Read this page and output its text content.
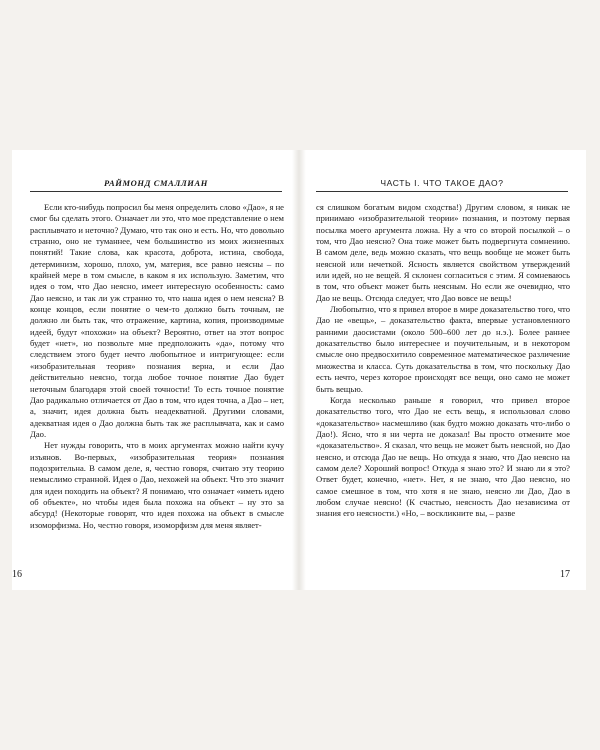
РАЙМОНД СМАЛЛИАН

Если кто-нибудь попросил бы меня определить слово «Дао», я не смог бы сделать этого. Означает ли это, что мое представление о нем расплывчато и неточно? Думаю, что так оно и есть. Но, что довольно странно, оно не туманнее, чем большинство из моих жизненных понятий! Такие слова, как красота, доброта, истина, свобода, детерминизм, хорошо, плохо, ум, материя, все равно неясны – по крайней мере в том смысле, в каком я их использую. Заметим, что идея о том, что Дао неясно, имеет интересную особенность: само Дао неясно, и так ли уж странно то, что наша идея о нем неясна? В конце концов, если понятие о чем-то должно быть точным, не должно ли быть так, что отражение, картина, копия, производимые идеей, будут «похожи» на объект? Вероятно, ответ на этот вопрос будет «нет», но позвольте мне предположить «да», потому что следствием этого будет нечто любопытное и интригующее: если «изобразительная теория» познания верна, и если Дао действительно неясно, тогда любое точное понятие Дао будет неточным благодаря этой своей точности! То есть точное понятие Дао радикально отличается от Дао в том, что идея точна, а Дао – нет, а, значит, идея должна быть неадекватной. Другими словами, адекватная идея о Дао должна быть так же расплывчата, как и само Дао.

Нет нужды говорить, что в моих аргументах можно найти кучу изъянов. Во-первых, «изобразительная теория» познания подозрительна. В самом деле, я, честно говоря, считаю эту теорию немыслимо странной. Идея о Дао, нехожей на объект. Что это значит для идеи походить на объект? Я понимаю, что означает «иметь идею об объекте», но чтобы идея была похожа на объект – ну это за абсурд! (Некоторые говорят, что идея похожа на объект в смысле изоморфизма. Но, честно говоря, изоморфизм для меня являет-

16
ЧАСТЬ I. ЧТО ТАКОЕ ДАО?

ся слишком богатым видом сходства!) Другим словом, я никак не принимаю «изобразительной теории» познания, и поэтому первая посылка моего аргумента ложна. Ну а что со второй посылкой – о том, что Дао неясно? Она тоже может быть подвергнута сомнению. В самом деле, ведь можно сказать, что вещь вообще не может быть неясной или нечеткой. Ясность является свойством утверждений или идей, но не вещей. Я склонен согласиться с этим. Я сомневаюсь в том, что объект может быть неясным. Но если же очевидно, что Дао не вещь. Отсюда следует, что Дао вовсе не вещь!

Любопытно, что я привел второе в мире доказательство того, что Дао не «вещь», – доказательство факта, впервые установленного ранними даосистами (около 500–600 лет до н.э.). Более раннее доказательство было интереснее и поучительным, и в некотором смысле оно предвосхитило современное математическое различение множества и класса. Суть доказательства в том, что поскольку Дао есть нечто, через которое происходят все вещи, оно само не может быть вещью.

Когда несколько раньше я говорил, что привел второе доказательство того, что Дао не есть вещь, я использовал слово «доказательство» насмешливо (как будто можно доказать что-либо о Дао!). Ясно, что я ни черта не доказал! Вы просто отмените мое «доказательство». Я сказал, что вещь не может быть неясной, но Дао неясно, и отсюда Дао не вещь. Но откуда я знаю, что Дао неясно на самом деле? Хороший вопрос! Откуда я знаю это? И знаю ли я это? Ответ будет, конечно, «нет». Нет, я не знаю, что Дао неясно, но самое смешное в том, что хотя я не знаю, неясно ли Дао, Дао в любом случае неясно! (К счастью, неясность Дао независима от знания его неясности.) «Но, – воскликните вы, – разве

17
